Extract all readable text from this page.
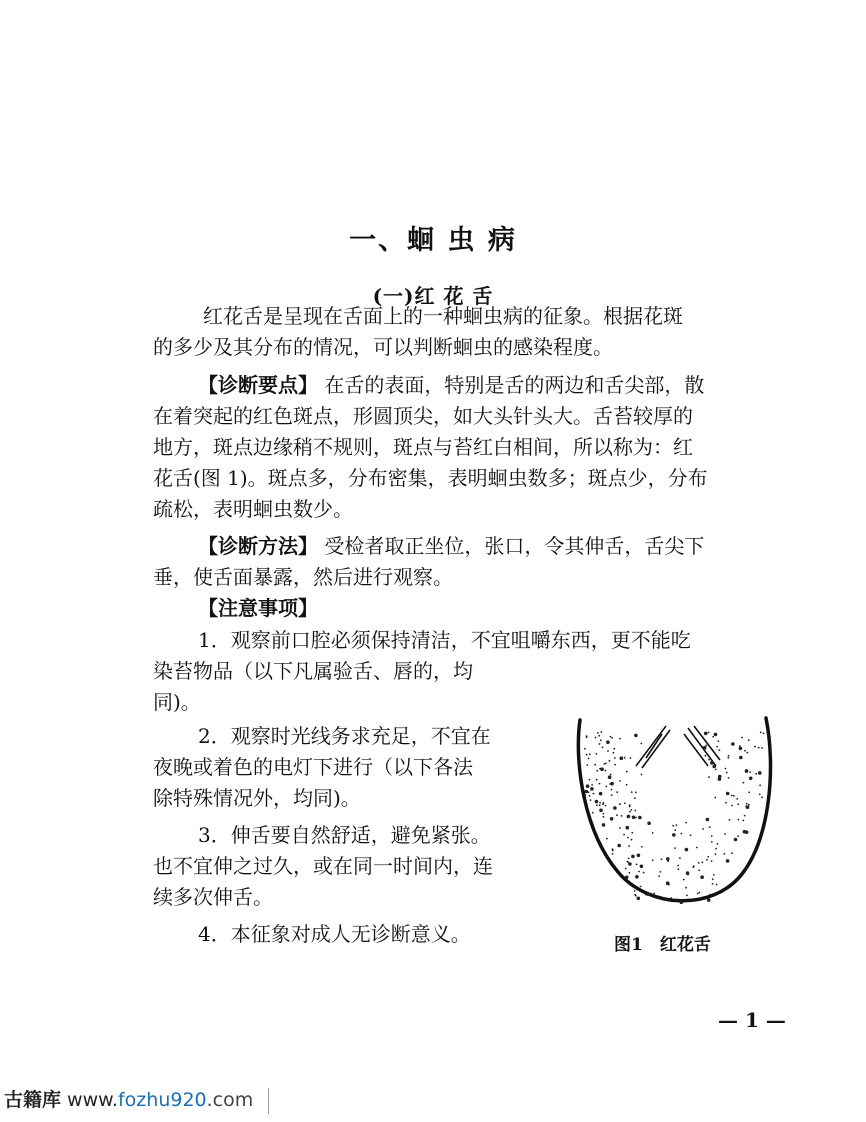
一、蛔 虫 病
(一)红 花 舌
红花舌是呈现在舌面上的一种蛔虫病的征象。根据花斑
的多少及其分布的情况，可以判断蛔虫的感染程度。
【诊断要点】 在舌的表面，特别是舌的两边和舌尖部，散
在着突起的红色斑点，形圆顶尖，如大头针头大。舌苔较厚的
地方，斑点边缘稍不规则，斑点与苔红白相间，所以称为：红
花舌(图 1)。斑点多，分布密集，表明蛔虫数多；斑点少，分布
疏松，表明蛔虫数少。
【诊断方法】 受检者取正坐位，张口，令其伸舌，舌尖下
垂，使舌面暴露，然后进行观察。
【注意事项】
1．观察前口腔必须保持清洁，不宜咀嚼东西，更不能吃
染苔物品（以下凡属验舌、唇的，均
同)。
2．观察时光线务求充足，不宜在
夜晚或着色的电灯下进行（以下各法
除特殊情况外，均同)。
3．伸舌要自然舒适，避免紧张。
也不宜伸之过久，或在同一时间内，连
续多次伸舌。
4．本征象对成人无诊断意义。	图1　红花舌
— 1 —
古籍库 www.fozhu920.com
